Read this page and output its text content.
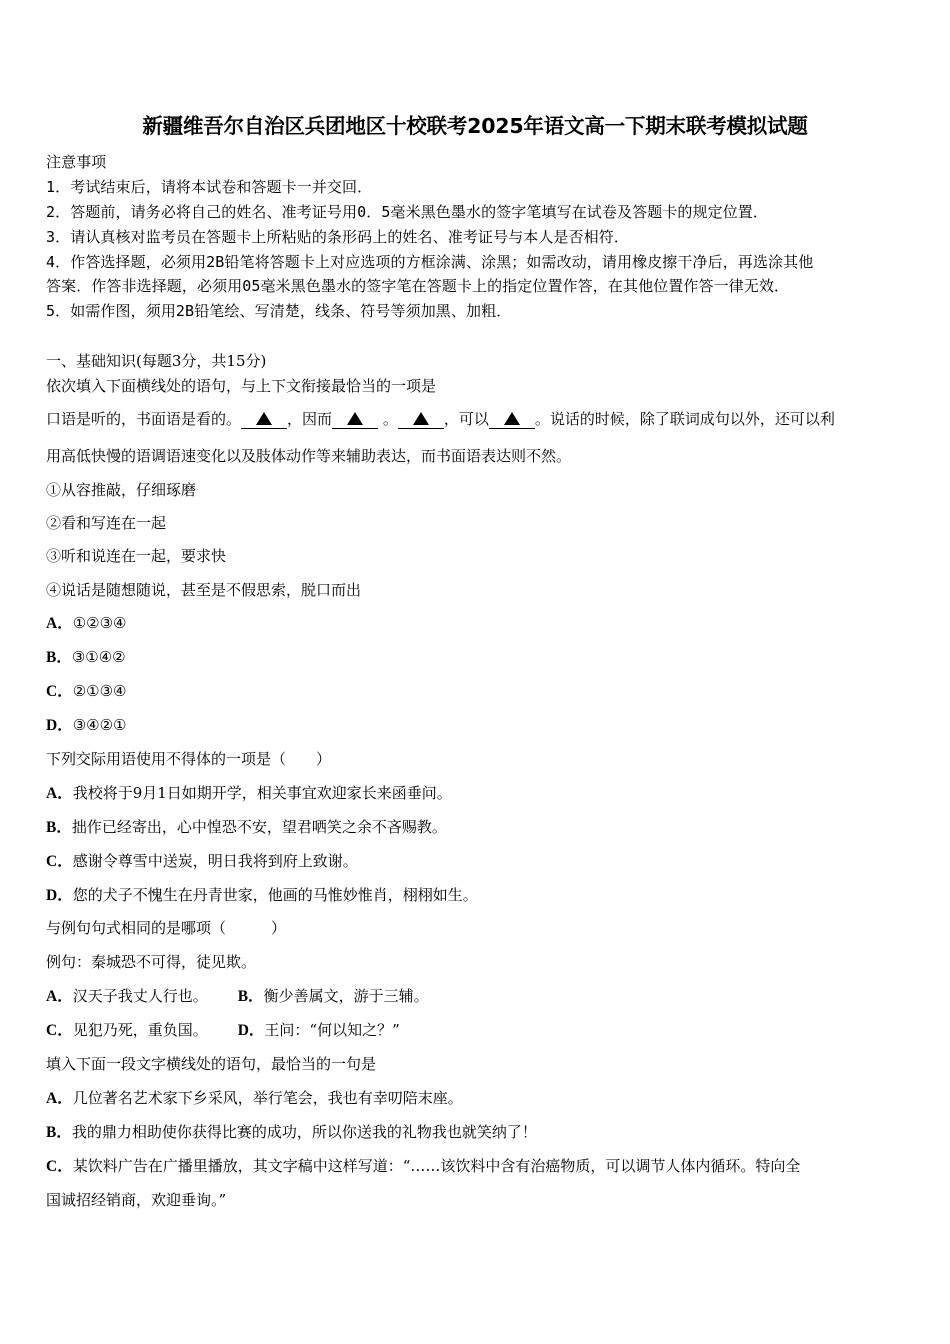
新疆维吾尔自治区兵团地区十校联考2025年语文高一下期末联考模拟试题
注意事项
1．考试结束后，请将本试卷和答题卡一并交回．
2．答题前，请务必将自己的姓名、准考证号用0．5毫米黑色墨水的签字笔填写在试卷及答题卡的规定位置．
3．请认真核对监考员在答题卡上所粘贴的条形码上的姓名、准考证号与本人是否相符．
4．作答选择题，必须用2B铅笔将答题卡上对应选项的方框涂满、涂黑；如需改动，请用橡皮擦干净后，再选涂其他
答案．作答非选择题，必须用05毫米黑色墨水的签字笔在答题卡上的指定位置作答，在其他位置作答一律无效．
5．如需作图，须用2B铅笔绘、写清楚，线条、符号等须加黑、加粗．
一、基础知识(每题3分，共15分)
依次填入下面横线处的语句，与上下文衔接最恰当的一项是
口语是听的，书面语是看的。	，因而	。	，可以	。说话的时候，除了联词成句以外，还可以利
用高低快慢的语调语速变化以及肢体动作等来辅助表达，而书面语表达则不然。
①从容推敲，仔细琢磨
②看和写连在一起
③听和说连在一起，要求快
④说话是随想随说，甚至是不假思索，脱口而出
A．①②③④
B．③①④②
C．②①③④
D．③④②①
下列交际用语使用不得体的一项是（　　）
A．我校将于9月1日如期开学，相关事宜欢迎家长来函垂问。
B．拙作已经寄出，心中惶恐不安，望君哂笑之余不吝赐教。
C．感谢令尊雪中送炭，明日我将到府上致谢。
D．您的犬子不愧生在丹青世家，他画的马惟妙惟肖，栩栩如生。
与例句句式相同的是哪项（　　　）
例句：秦城恐不可得，徒见欺。
A．汉天子我丈人行也。 B．衡少善属文，游于三辅。
C．见犯乃死，重负国。 D．王问：“何以知之？”
填入下面一段文字横线处的语句，最恰当的一句是
A．几位著名艺术家下乡采风，举行笔会，我也有幸叨陪末座。
B．我的鼎力相助使你获得比赛的成功，所以你送我的礼物我也就笑纳了！
C．某饮料广告在广播里播放，其文字稿中这样写道：“……该饮料中含有治癌物质，可以调节人体内循环。特向全
国诚招经销商，欢迎垂询。”
